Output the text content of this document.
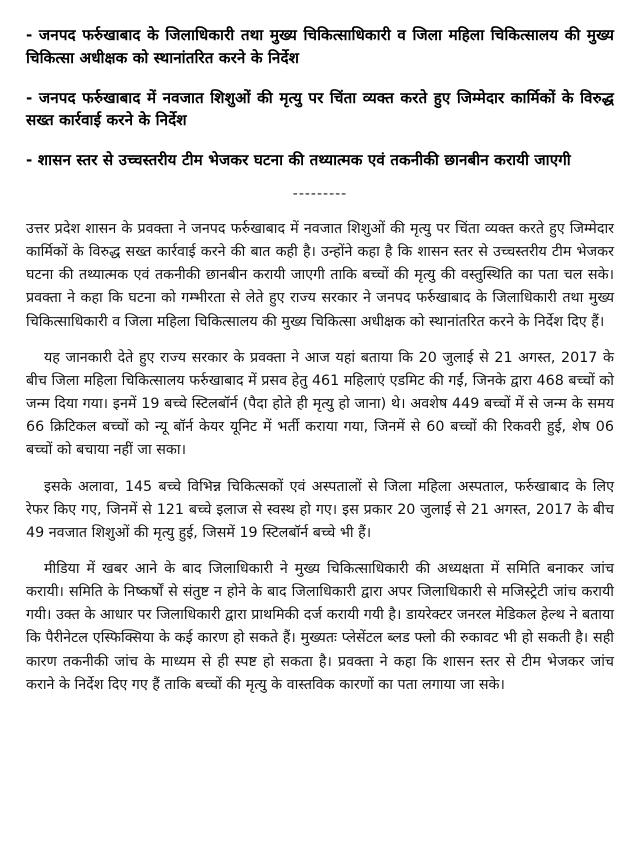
- जनपद फर्रुखाबाद के जिलाधिकारी तथा मुख्य चिकित्साधिकारी व जिला महिला चिकित्सालय की मुख्य चिकित्सा अधीक्षक को स्थानांतरित करने के निर्देश

- जनपद फर्रुखाबाद में नवजात शिशुओं की मृत्यु पर चिंता व्यक्त करते हुए जिम्मेदार कार्मिकों के विरुद्ध सख्त कार्रवाई करने के निर्देश

- शासन स्तर से उच्चस्तरीय टीम भेजकर घटना की तथ्यात्मक एवं तकनीकी छानबीन करायी जाएगी

---------

उत्तर प्रदेश शासन के प्रवक्ता ने जनपद फर्रुखाबाद में नवजात शिशुओं की मृत्यु पर चिंता व्यक्त करते हुए जिम्मेदार कार्मिकों के विरुद्ध सख्त कार्रवाई करने की बात कही है। उन्होंने कहा है कि शासन स्तर से उच्चस्तरीय टीम भेजकर घटना की तथ्यात्मक एवं तकनीकी छानबीन करायी जाएगी ताकि बच्चों की मृत्यु की वस्तुस्थिति का पता चल सके। प्रवक्ता ने कहा कि घटना को गम्भीरता से लेते हुए राज्य सरकार ने जनपद फर्रुखाबाद के जिलाधिकारी तथा मुख्य चिकित्साधिकारी व जिला महिला चिकित्सालय की मुख्य चिकित्सा अधीक्षक को स्थानांतरित करने के निर्देश दिए हैं।

यह जानकारी देते हुए राज्य सरकार के प्रवक्ता ने आज यहां बताया कि 20 जुलाई से 21 अगस्त, 2017 के बीच जिला महिला चिकित्सालय फर्रुखाबाद में प्रसव हेतु 461 महिलाएं एडमिट की गईं, जिनके द्वारा 468 बच्चों को जन्म दिया गया। इनमें 19 बच्चे स्टिलबॉर्न (पैदा होते ही मृत्यु हो जाना) थे। अवशेष 449 बच्चों में से जन्म के समय 66 क्रिटिकल बच्चों को न्यू बॉर्न केयर यूनिट में भर्ती कराया गया, जिनमें से 60 बच्चों की रिकवरी हुई, शेष 06 बच्चों को बचाया नहीं जा सका।

इसके अलावा, 145 बच्चे विभिन्न चिकित्सकों एवं अस्पतालों से जिला महिला अस्पताल, फर्रुखाबाद के लिए रेफर किए गए, जिनमें से 121 बच्चे इलाज से स्वस्थ हो गए। इस प्रकार 20 जुलाई से 21 अगस्त, 2017 के बीच 49 नवजात शिशुओं की मृत्यु हुई, जिसमें 19 स्टिलबॉर्न बच्चे भी हैं।

मीडिया में खबर आने के बाद जिलाधिकारी ने मुख्य चिकित्साधिकारी की अध्यक्षता में समिति बनाकर जांच करायी। समिति के निष्कर्षों से संतुष्ट न होने के बाद जिलाधिकारी द्वारा अपर जिलाधिकारी से मजिस्ट्रेटी जांच करायी गयी। उक्त के आधार पर जिलाधिकारी द्वारा प्राथमिकी दर्ज करायी गयी है। डायरेक्टर जनरल मेडिकल हेल्थ ने बताया कि पैरीनेटल एस्फिक्सिया के कई कारण हो सकते हैं। मुख्यतः प्लेसेंटल ब्लड फ्लो की रुकावट भी हो सकती है। सही कारण तकनीकी जांच के माध्यम से ही स्पष्ट हो सकता है। प्रवक्ता ने कहा कि शासन स्तर से टीम भेजकर जांच कराने के निर्देश दिए गए हैं ताकि बच्चों की मृत्यु के वास्तविक कारणों का पता लगाया जा सके।
